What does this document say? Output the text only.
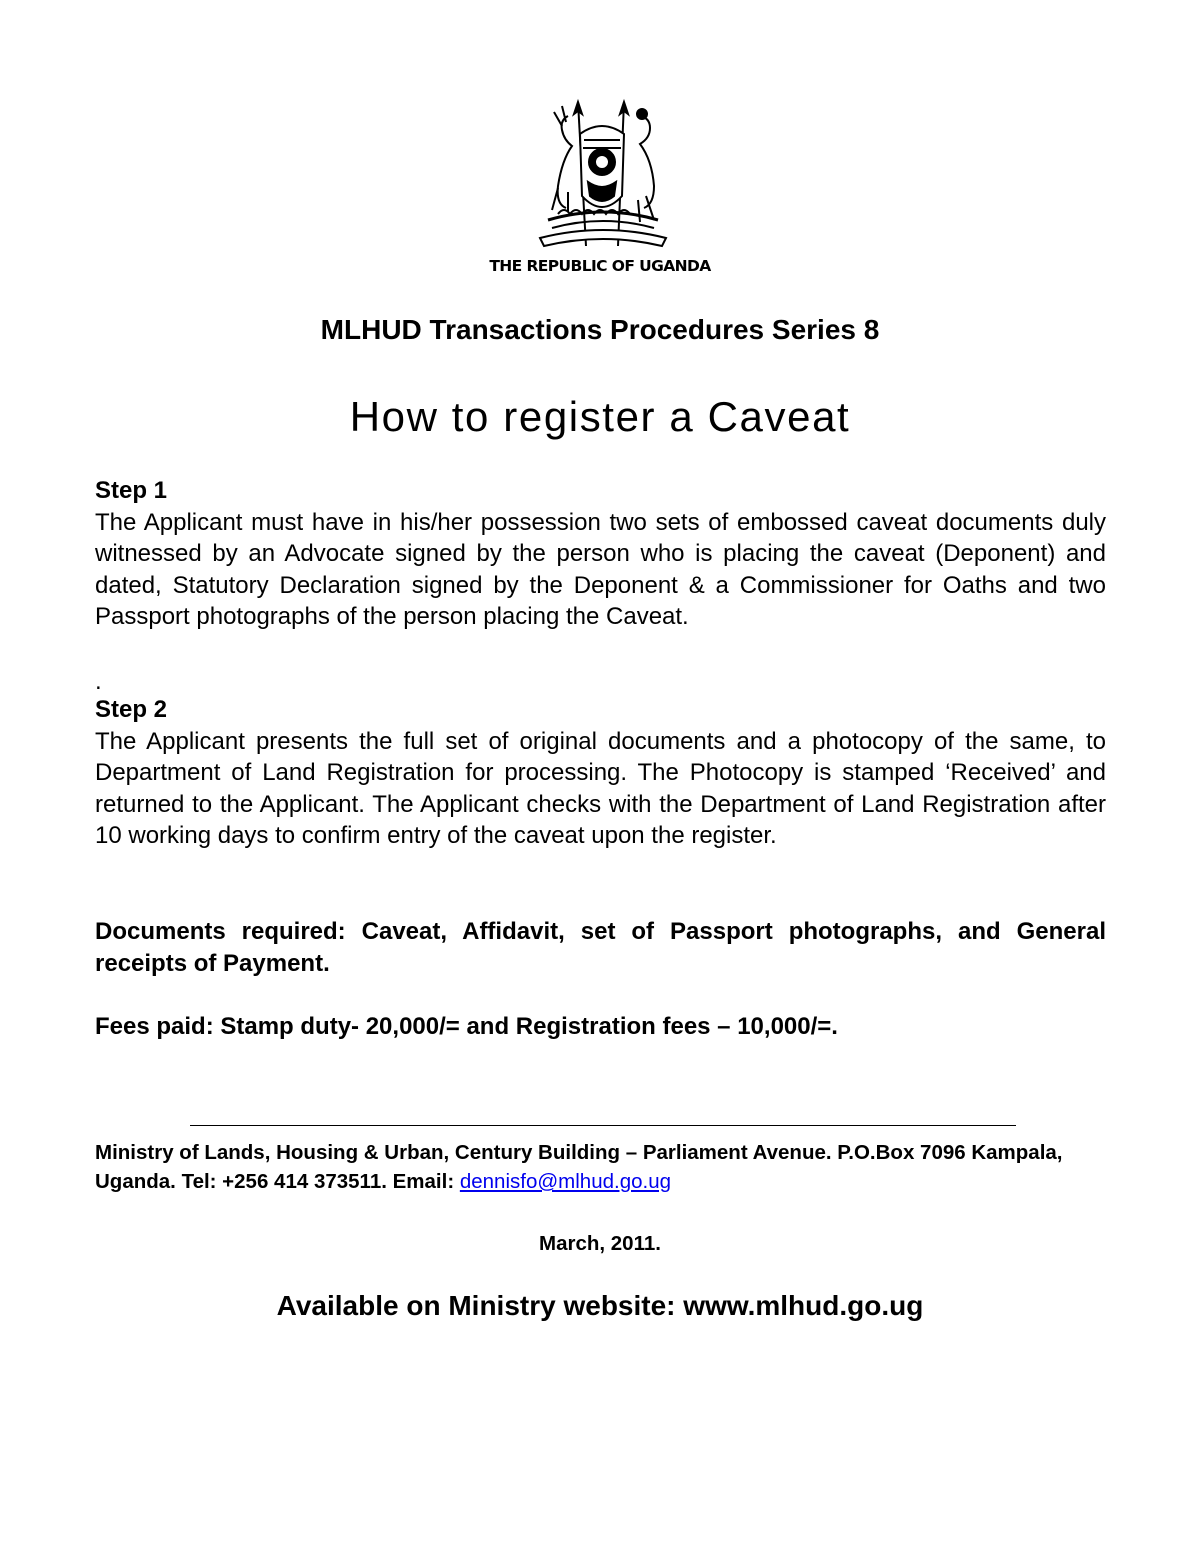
THE REPUBLIC OF UGANDA
MLHUD Transactions Procedures Series 8
How to register a Caveat
Step 1
The Applicant must have in his/her possession two sets of embossed caveat documents duly witnessed by an Advocate signed by the person who is placing the caveat (Deponent) and dated, Statutory Declaration signed by the Deponent & a Commissioner for Oaths and two Passport photographs of the person placing the Caveat.
.
Step 2
The Applicant presents the full set of original documents and a photocopy of the same, to Department of Land Registration for processing. The Photocopy is stamped ‘Received’ and returned to the Applicant. The Applicant checks with the Department of Land Registration after 10 working days to confirm entry of the caveat upon the register.
Documents required: Caveat, Affidavit, set of Passport photographs, and General receipts of Payment.
Fees paid: Stamp duty- 20,000/= and Registration fees – 10,000/=.
Ministry of Lands, Housing & Urban, Century Building – Parliament Avenue. P.O.Box 7096 Kampala, Uganda. Tel: +256 414 373511. Email: dennisfo@mlhud.go.ug
March, 2011.
Available on Ministry website: www.mlhud.go.ug
